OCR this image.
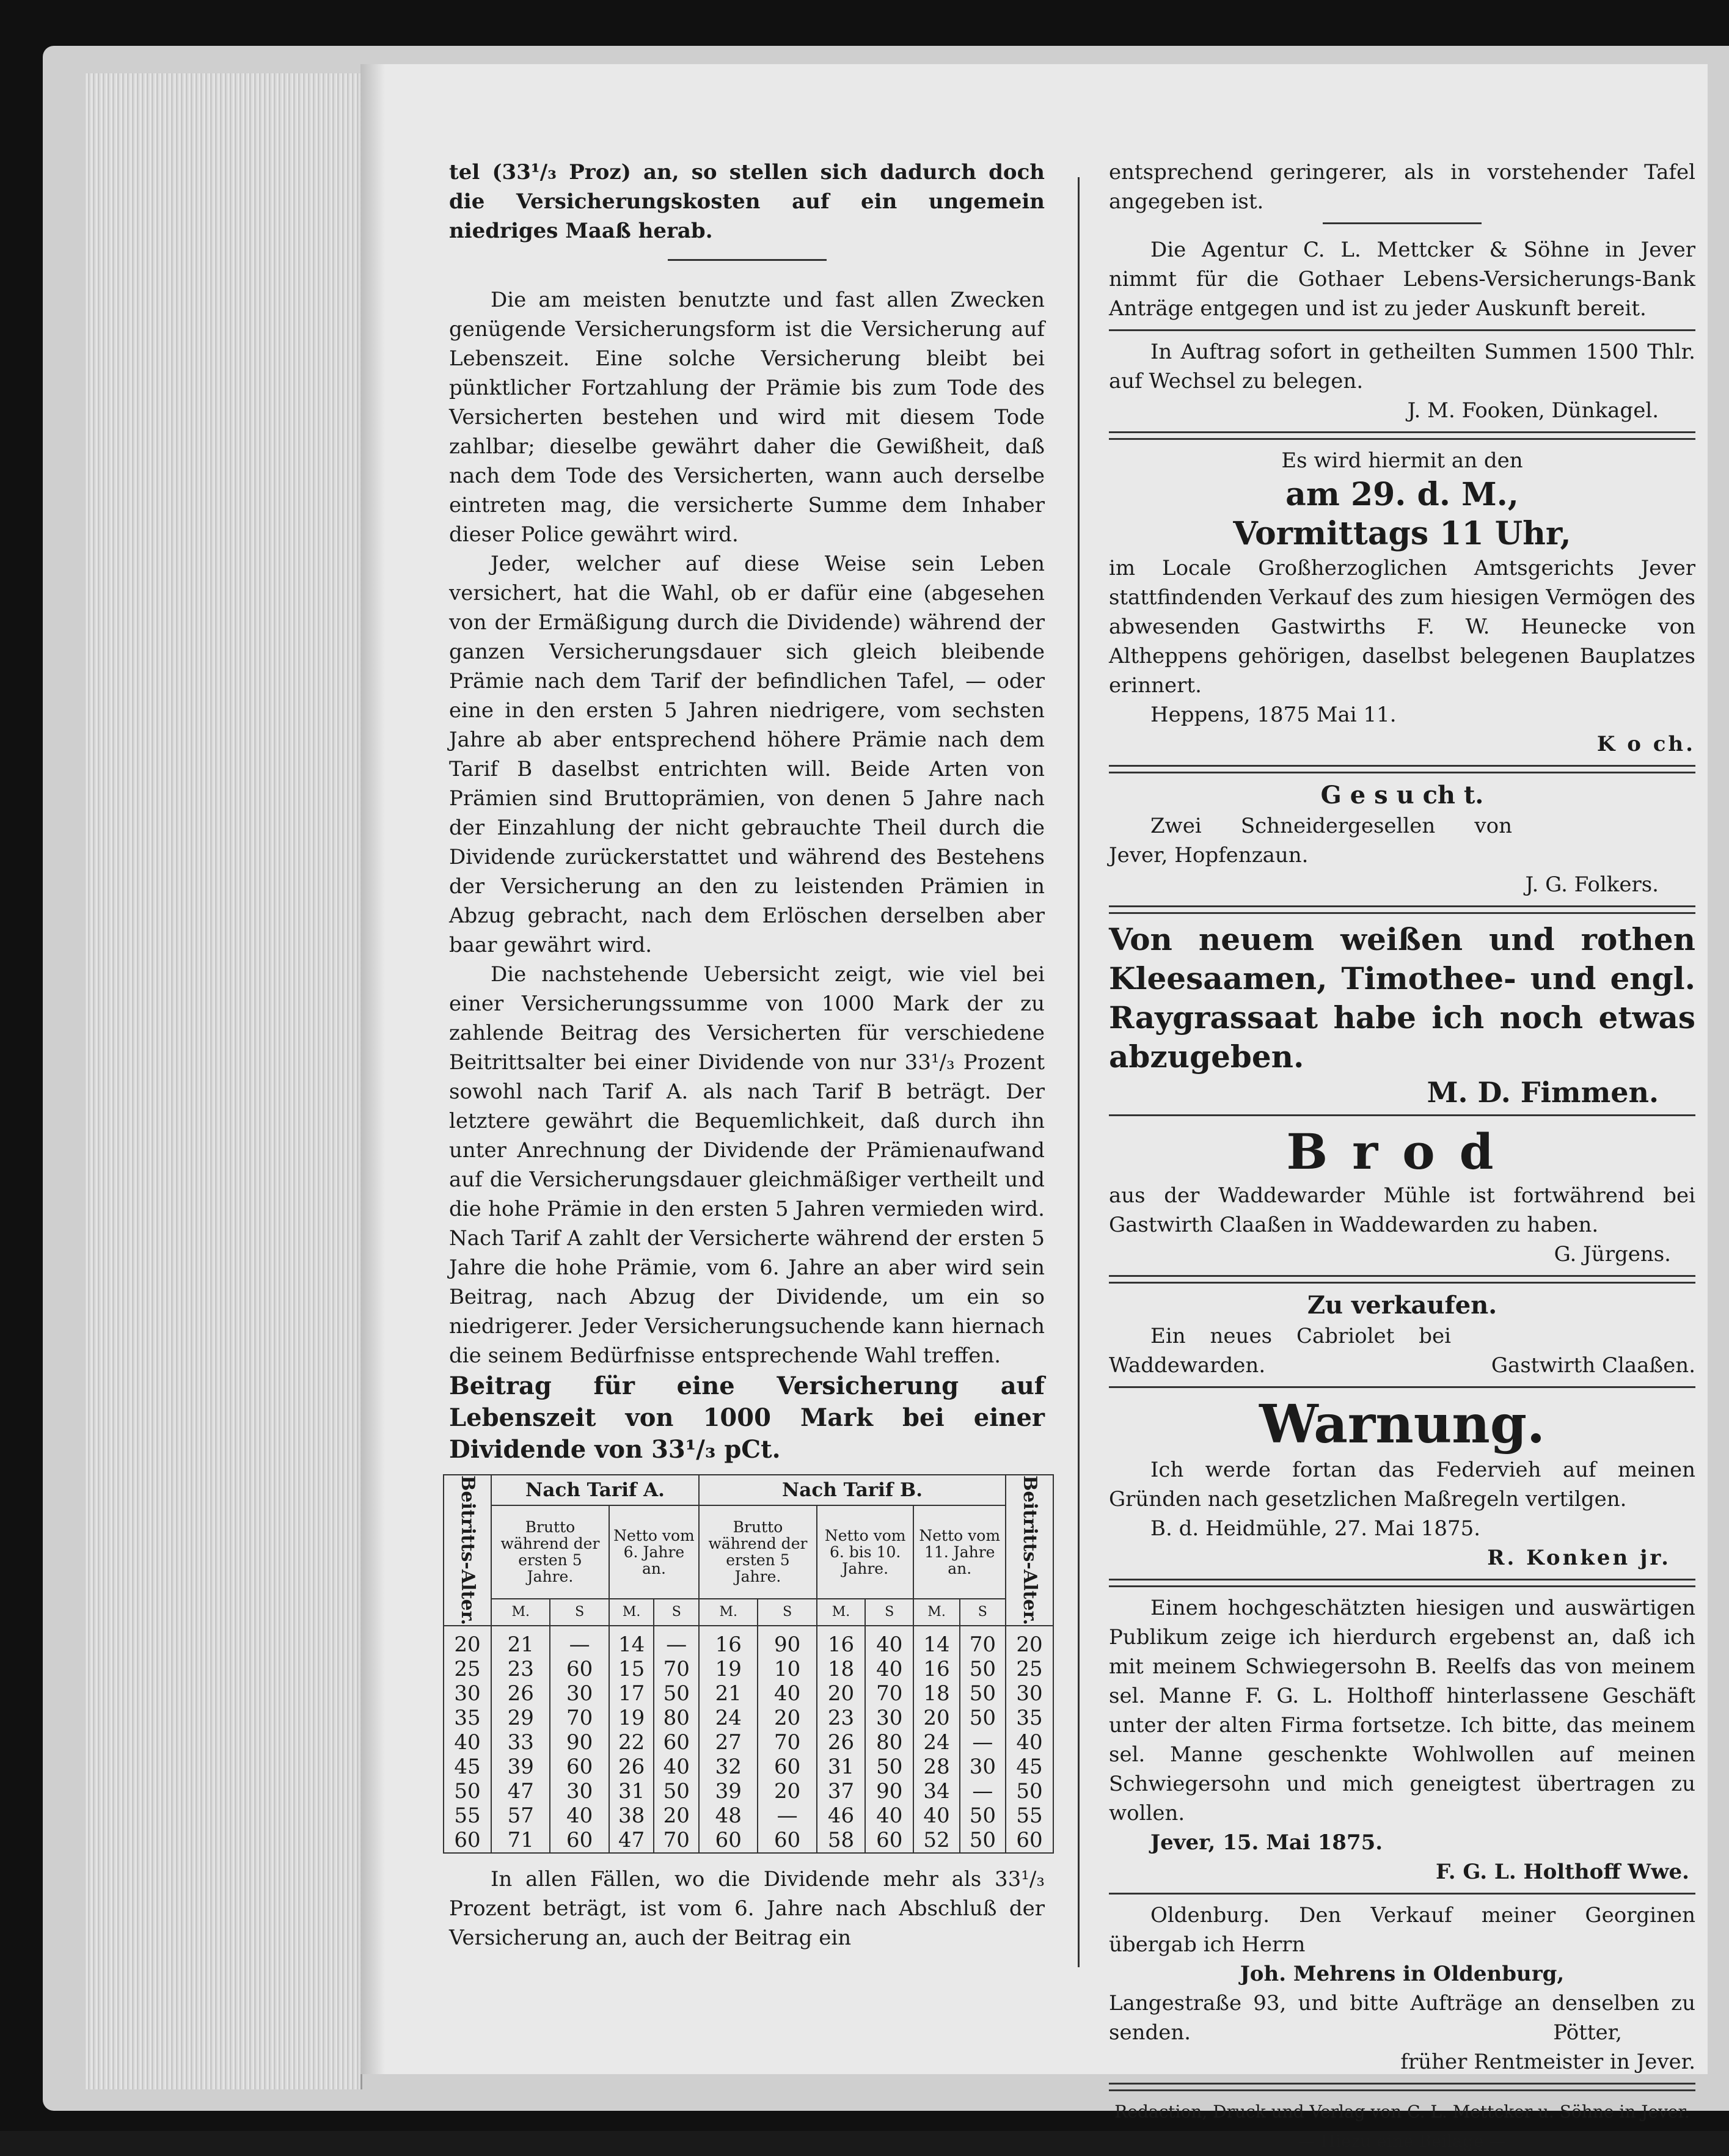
tel (33¹/₃ Proz) an, so stellen sich dadurch doch die Versicherungskosten auf ein ungemein niedriges Maaß herab.

Die am meisten benutzte und fast allen Zwecken genügende Versicherungsform ist die Versicherung auf Lebenszeit. Eine solche Versicherung bleibt bei pünktlicher Fortzahlung der Prämie bis zum Tode des Versicherten bestehen und wird mit diesem Tode zahlbar; dieselbe gewährt daher die Gewißheit, daß nach dem Tode des Versicherten, wann auch derselbe eintreten mag, die versicherte Summe dem Inhaber dieser Police gewährt wird.

Jeder, welcher auf diese Weise sein Leben versichert, hat die Wahl, ob er dafür eine (abgesehen von der Ermäßigung durch die Dividende) während der ganzen Versicherungsdauer sich gleich bleibende Prämie nach dem Tarif der befindlichen Tafel, — oder eine in den ersten 5 Jahren niedrigere, vom sechsten Jahre ab aber entsprechend höhere Prämie nach dem Tarif B daselbst entrichten will. Beide Arten von Prämien sind Bruttoprämien, von denen 5 Jahre nach der Einzahlung der nicht gebrauchte Theil durch die Dividende zurückerstattet und während des Bestehens der Versicherung an den zu leistenden Prämien in Abzug gebracht, nach dem Erlöschen derselben aber baar gewährt wird.

Die nachstehende Uebersicht zeigt, wie viel bei einer Versicherungssumme von 1000 Mark der zu zahlende Beitrag des Versicherten für verschiedene Beitrittsalter bei einer Dividende von nur 33¹/₃ Prozent sowohl nach Tarif A. als nach Tarif B beträgt. Der letztere gewährt die Bequemlichkeit, daß durch ihn unter Anrechnung der Dividende der Prämienaufwand auf die Versicherungsdauer gleichmäßiger vertheilt und die hohe Prämie in den ersten 5 Jahren vermieden wird. Nach Tarif A zahlt der Versicherte während der ersten 5 Jahre die hohe Prämie, vom 6. Jahre an aber wird sein Beitrag, nach Abzug der Dividende, um ein so niedrigerer. Jeder Versicherungsuchende kann hiernach die seinem Bedürfnisse entsprechende Wahl treffen.

Beitrag für eine Versicherung auf Lebenszeit von 1000 Mark bei einer Dividende von 33¹/₃ pCt.

Beitritts-Alter.	Nach Tarif A.				Nach Tarif B.						Beitritts-Alter.
	Brutto während der ersten 5 Jahre.		Netto vom 6. Jahre an.		Brutto während der ersten 5 Jahre.		Netto vom 6. bis 10. Jahre.		Netto vom 11. Jahre an.		
	M.	S	M.	S	M.	S	M.	S	M.	S	
20	21	—	14	—	16	90	16	40	14	70	20
25	23	60	15	70	19	10	18	40	16	50	25
30	26	30	17	50	21	40	20	70	18	50	30
35	29	70	19	80	24	20	23	30	20	50	35
40	33	90	22	60	27	70	26	80	24	—	40
45	39	60	26	40	32	60	31	50	28	30	45
50	47	30	31	50	39	20	37	90	34	—	50
55	57	40	38	20	48	—	46	40	40	50	55
60	71	60	47	70	60	60	58	60	52	50	60

In allen Fällen, wo die Dividende mehr als 33¹/₃ Prozent beträgt, ist vom 6. Jahre nach Abschluß der Versicherung an, auch der Beitrag ein

entsprechend geringerer, als in vorstehender Tafel angegeben ist.

Die Agentur C. L. Mettcker & Söhne in Jever nimmt für die Gothaer Lebens-Versicherungs-Bank Anträge entgegen und ist zu jeder Auskunft bereit.

In Auftrag sofort in getheilten Summen 1500 Thlr. auf Wechsel zu belegen.

J. M. Fooken, Dünkagel.

Es wird hiermit an den

am 29. d. M.,

Vormittags 11 Uhr,

im Locale Großherzoglichen Amtsgerichts Jever stattfindenden Verkauf des zum hiesigen Vermögen des abwesenden Gastwirths F. W. Heunecke von Altheppens gehörigen, daselbst belegenen Bauplatzes erinnert.

Heppens, 1875 Mai 11.

K o ch.

G e s u ch t.

Zwei Schneidergesellen von Jever, Hopfenzaun.

J. G. Folkers.

Von neuem weißen und rothen Kleesaamen, Timothee- und engl. Raygrassaat habe ich noch etwas abzugeben.

M. D. Fimmen.

Brod

aus der Waddewarder Mühle ist fortwährend bei Gastwirth Claaßen in Waddewarden zu haben.

G. Jürgens.

Zu verkaufen.

Ein neues Cabriolet bei Waddewarden.	Gastwirth Claaßen.

Warnung.

Ich werde fortan das Federvieh auf meinen Gründen nach gesetzlichen Maßregeln vertilgen.

B. d. Heidmühle, 27. Mai 1875.

R. Konken jr.

Einem hochgeschätzten hiesigen und auswärtigen Publikum zeige ich hierdurch ergebenst an, daß ich mit meinem Schwiegersohn B. Reelfs das von meinem sel. Manne F. G. L. Holthoff hinterlassene Geschäft unter der alten Firma fortsetze. Ich bitte, das meinem sel. Manne geschenkte Wohlwollen auf meinen Schwiegersohn und mich geneigtest übertragen zu wollen.

Jever, 15. Mai 1875.

F. G. L. Holthoff Wwe.

Oldenburg. Den Verkauf meiner Georginen übergab ich Herrn

Joh. Mehrens in Oldenburg,

Langestraße 93, und bitte Aufträge an denselben zu senden.	Pötter,

früher Rentmeister in Jever.

Redaction, Druck und Verlag von C. L. Mettcker u. Söhne in Jever.

— Hiezu eine Beilage —
